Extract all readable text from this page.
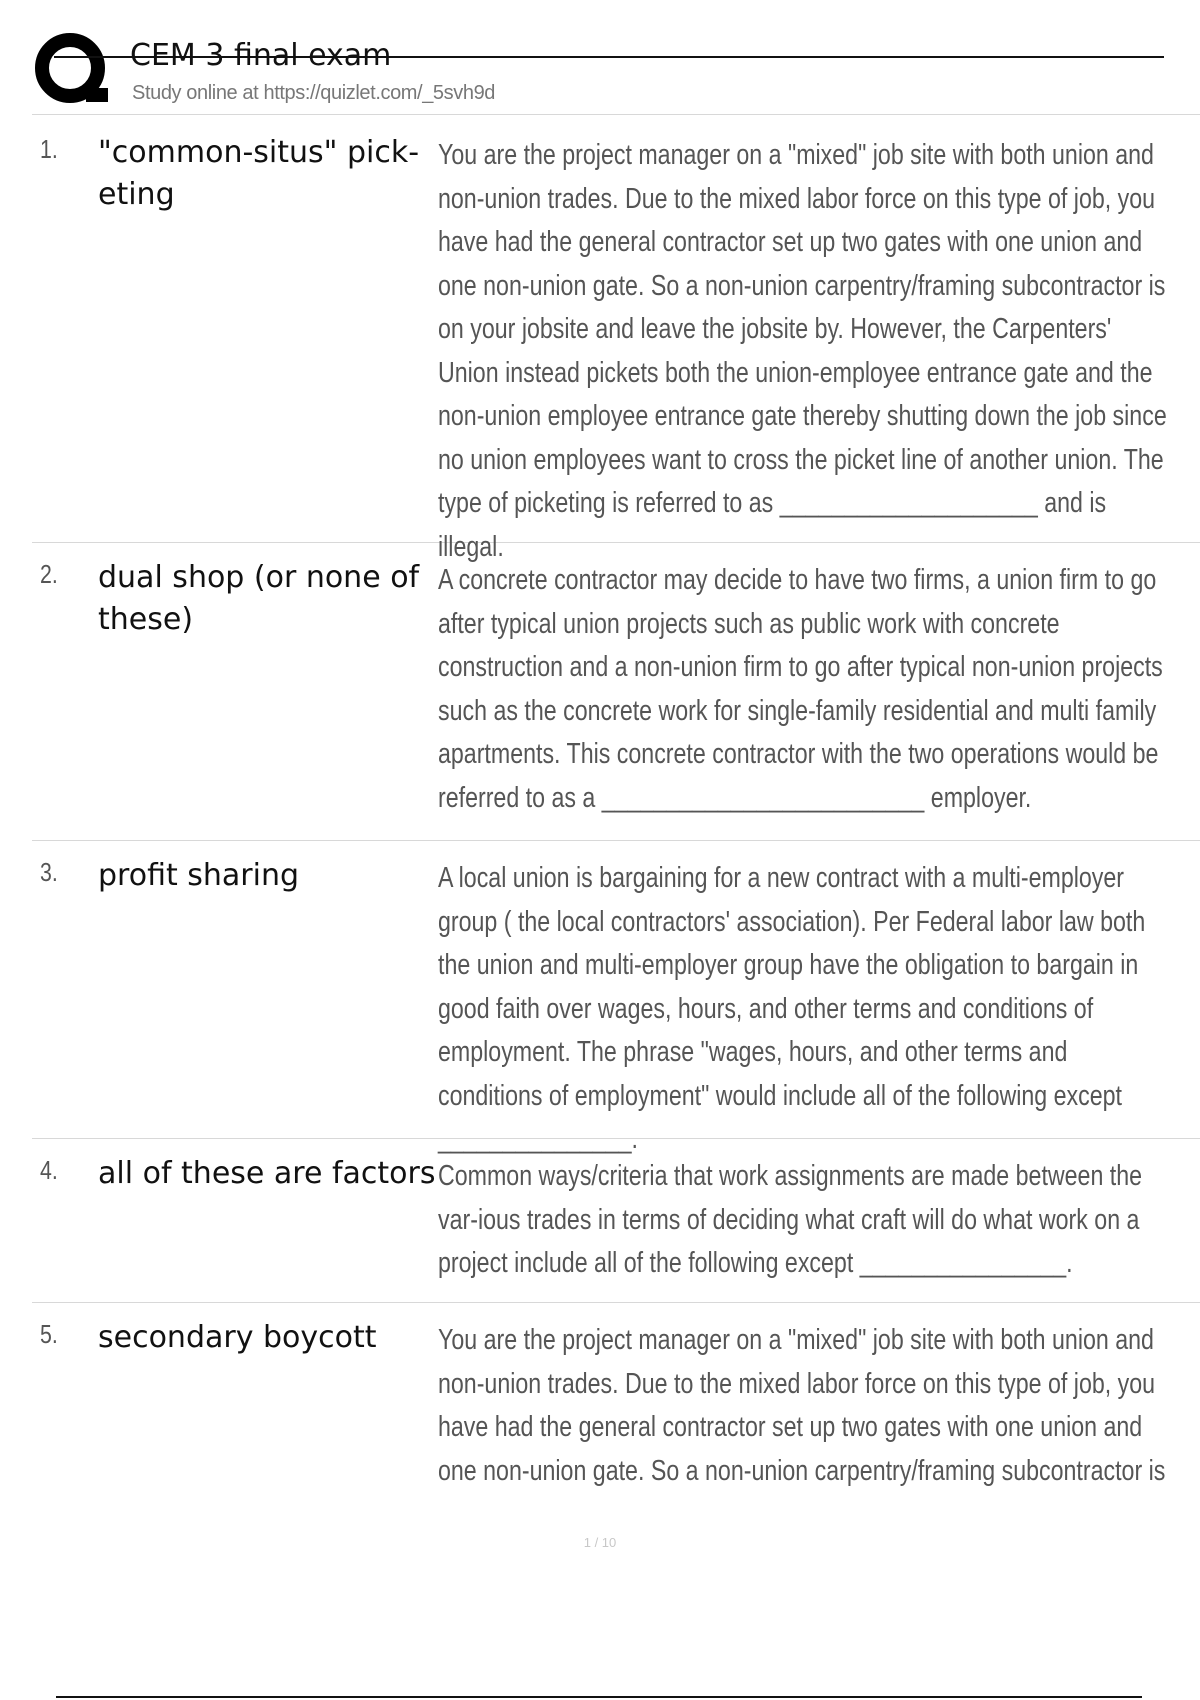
CEM 3 final exam
Study online at https://quizlet.com/_5svh9d
1. "common-situs" pick-eting
You are the project manager on a "mixed" job site with both union and non-union trades. Due to the mixed labor force on this type of job, you have had the general contractor set up two gates with one union and one non-union gate. So a non-union carpentry/framing subcontractor is on your jobsite and leave the jobsite by. However, the Carpenters' Union instead pickets both the union-employee entrance gate and the non-union employee entrance gate thereby shutting down the job since no union employees want to cross the picket line of another union. The type of picketing is referred to as ____________________ and is illegal.
2. dual shop (or none of these)
A concrete contractor may decide to have two firms, a union firm to go after typical union projects such as public work with concrete construction and a non-union firm to go after typical non-union projects such as the concrete work for single-family residential and multi family apartments. This concrete contractor with the two operations would be referred to as a _________________________ employer.
3. profit sharing	A local union is bargaining for a new contract with a multi-employer group ( the local contractors' association). Per Federal labor law both the union and multi-employer group have the obligation to bargain in good faith over wages, hours, and other terms and conditions of employment. The phrase "wages, hours, and other terms and conditions of employment" would include all of the following except _______________.
4. all of these are factors Common ways/criteria that work assignments are made between the var-ious trades in terms of deciding what craft will do what work on a project include all of the following except ________________.
5. secondary boycott	You are the project manager on a "mixed" job site with both union and non-union trades. Due to the mixed labor force on this type of job, you have had the general contractor set up two gates with one union and one non-union gate. So a non-union carpentry/framing subcontractor is
1 / 10
